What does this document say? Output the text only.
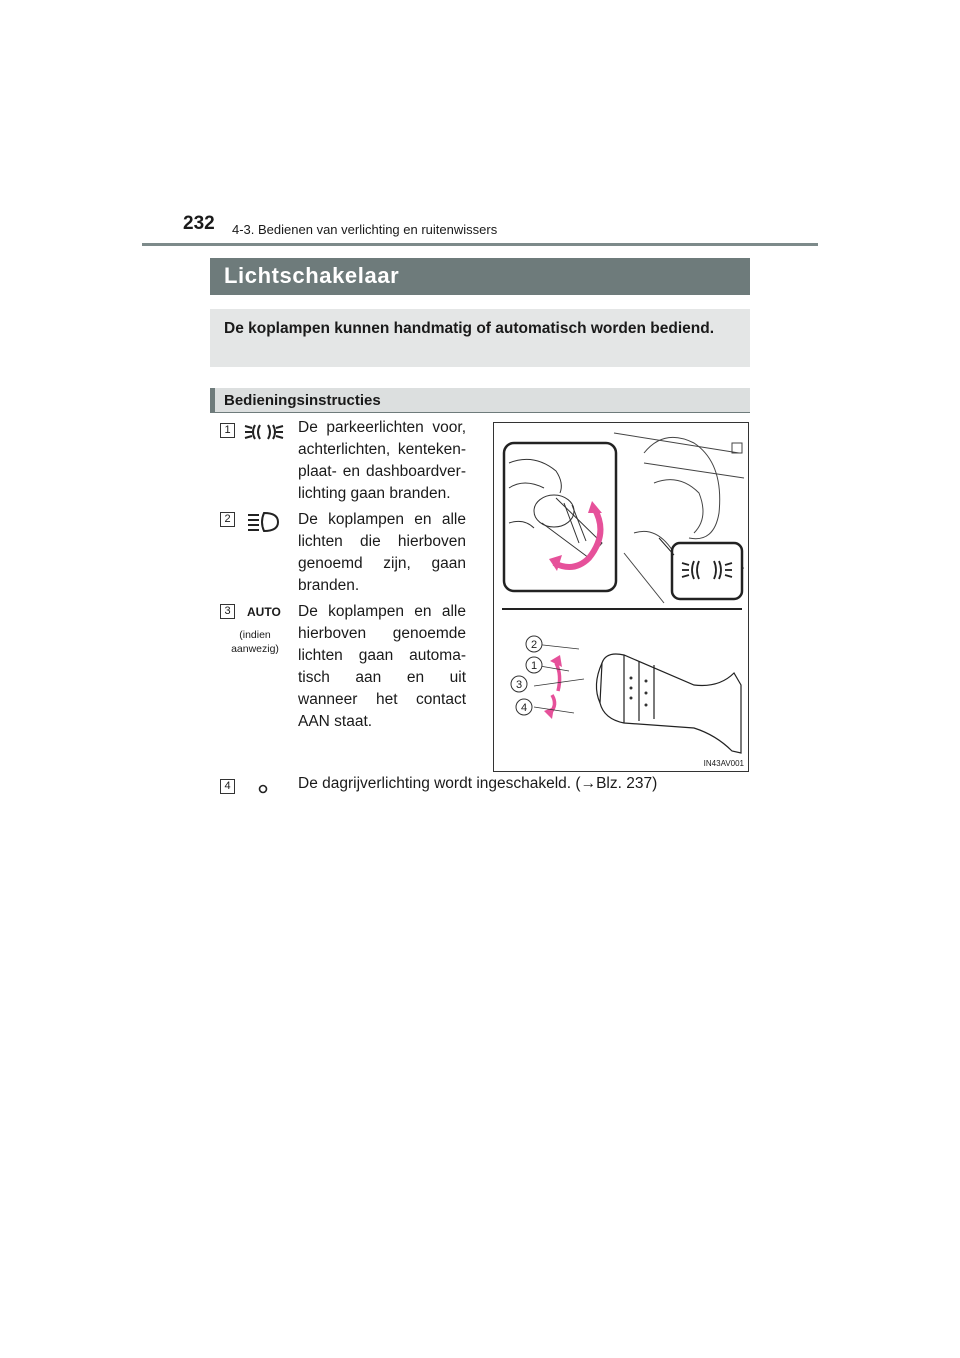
232 4-3. Bedienen van verlichting en ruitenwissers
Lichtschakelaar
De koplampen kunnen handmatig of automatisch worden bediend.
Bedieningsinstructies
1	De parkeerlichten voor, achterlichten, kenteken-plaat- en dashboardver-lichting gaan branden.
2	De koplampen en alle lichten die hierboven genoemd zijn, gaan branden.
3	AUTO
(indien aanwezig)
De koplampen en alle hierboven genoemde lichten gaan automa-tisch aan en uit wanneer het contact AAN staat.
4	De dagrijverlichting wordt ingeschakeld. (→Blz. 237)
2
1
3
4
IN43AV001
